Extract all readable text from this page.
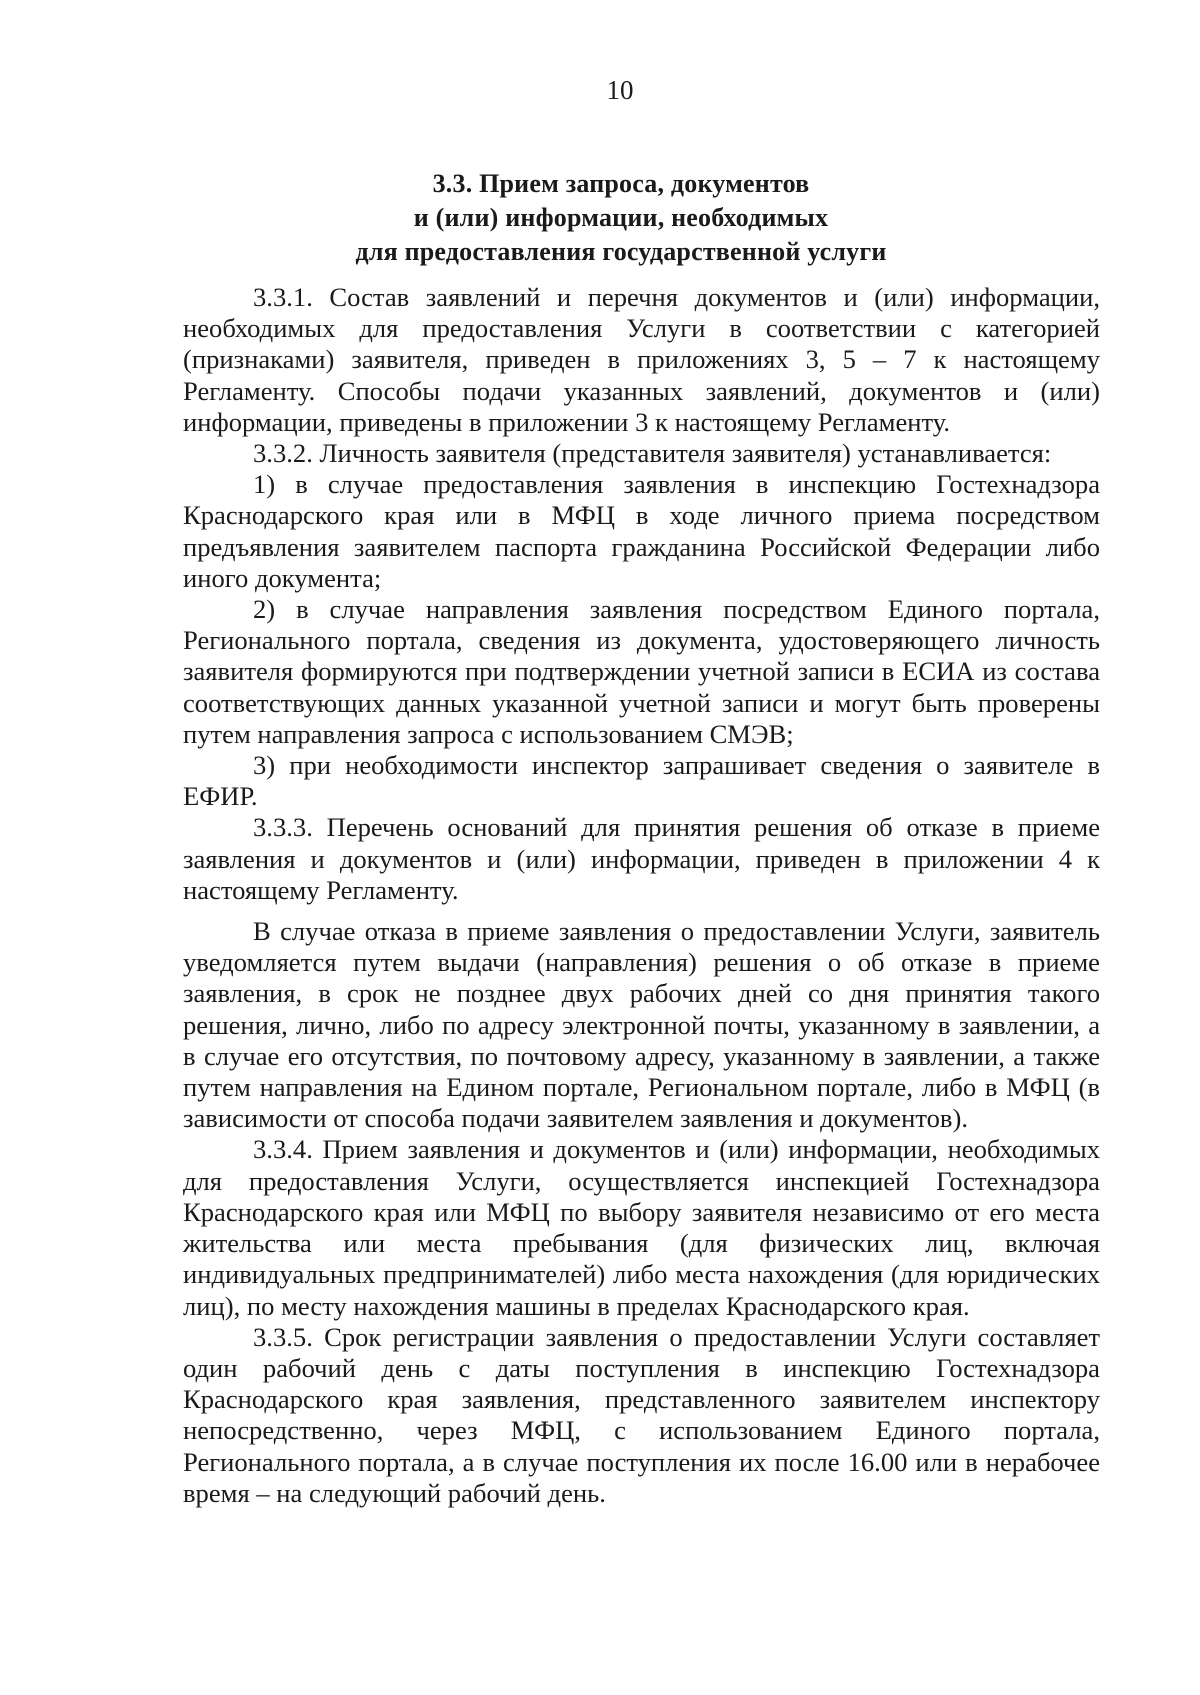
10
3.3. Прием запроса, документов
и (или) информации, необходимых
для предоставления государственной услуги

3.3.1. Состав заявлений и перечня документов и (или) информации, необходимых для предоставления Услуги в соответствии с категорией (признаками) заявителя, приведен в приложениях 3, 5 – 7 к настоящему Регламенту. Способы подачи указанных заявлений, документов и (или) информации, приведены в приложении 3 к настоящему Регламенту.

3.3.2. Личность заявителя (представителя заявителя) устанавливается:

1) в случае предоставления заявления в инспекцию Гостехнадзора Краснодарского края или в МФЦ в ходе личного приема посредством предъявления заявителем паспорта гражданина Российской Федерации либо иного документа;

2) в случае направления заявления посредством Единого портала, Регионального портала, сведения из документа, удостоверяющего личность заявителя формируются при подтверждении учетной записи в ЕСИА из состава соответствующих данных указанной учетной записи и могут быть проверены путем направления запроса с использованием СМЭВ;

3) при необходимости инспектор запрашивает сведения о заявителе в ЕФИР.

3.3.3. Перечень оснований для принятия решения об отказе в приеме заявления и документов и (или) информации, приведен в приложении 4 к настоящему Регламенту.

В случае отказа в приеме заявления о предоставлении Услуги, заявитель уведомляется путем выдачи (направления) решения о об отказе в приеме заявления, в срок не позднее двух рабочих дней со дня принятия такого решения, лично, либо по адресу электронной почты, указанному в заявлении, а в случае его отсутствия, по почтовому адресу, указанному в заявлении, а также путем направления на Едином портале, Региональном портале, либо в МФЦ (в зависимости от способа подачи заявителем заявления и документов).

3.3.4. Прием заявления и документов и (или) информации, необходимых для предоставления Услуги, осуществляется инспекцией Гостехнадзора Краснодарского края или МФЦ по выбору заявителя независимо от его места жительства или места пребывания (для физических лиц, включая индивидуальных предпринимателей) либо места нахождения (для юридических лиц), по месту нахождения машины в пределах Краснодарского края.

3.3.5. Срок регистрации заявления о предоставлении Услуги составляет один рабочий день с даты поступления в инспекцию Гостехнадзора Краснодарского края заявления, представленного заявителем инспектору непосредственно, через МФЦ, с использованием Единого портала, Регионального портала, а в случае поступления их после 16.00 или в нерабочее время – на следующий рабочий день.
